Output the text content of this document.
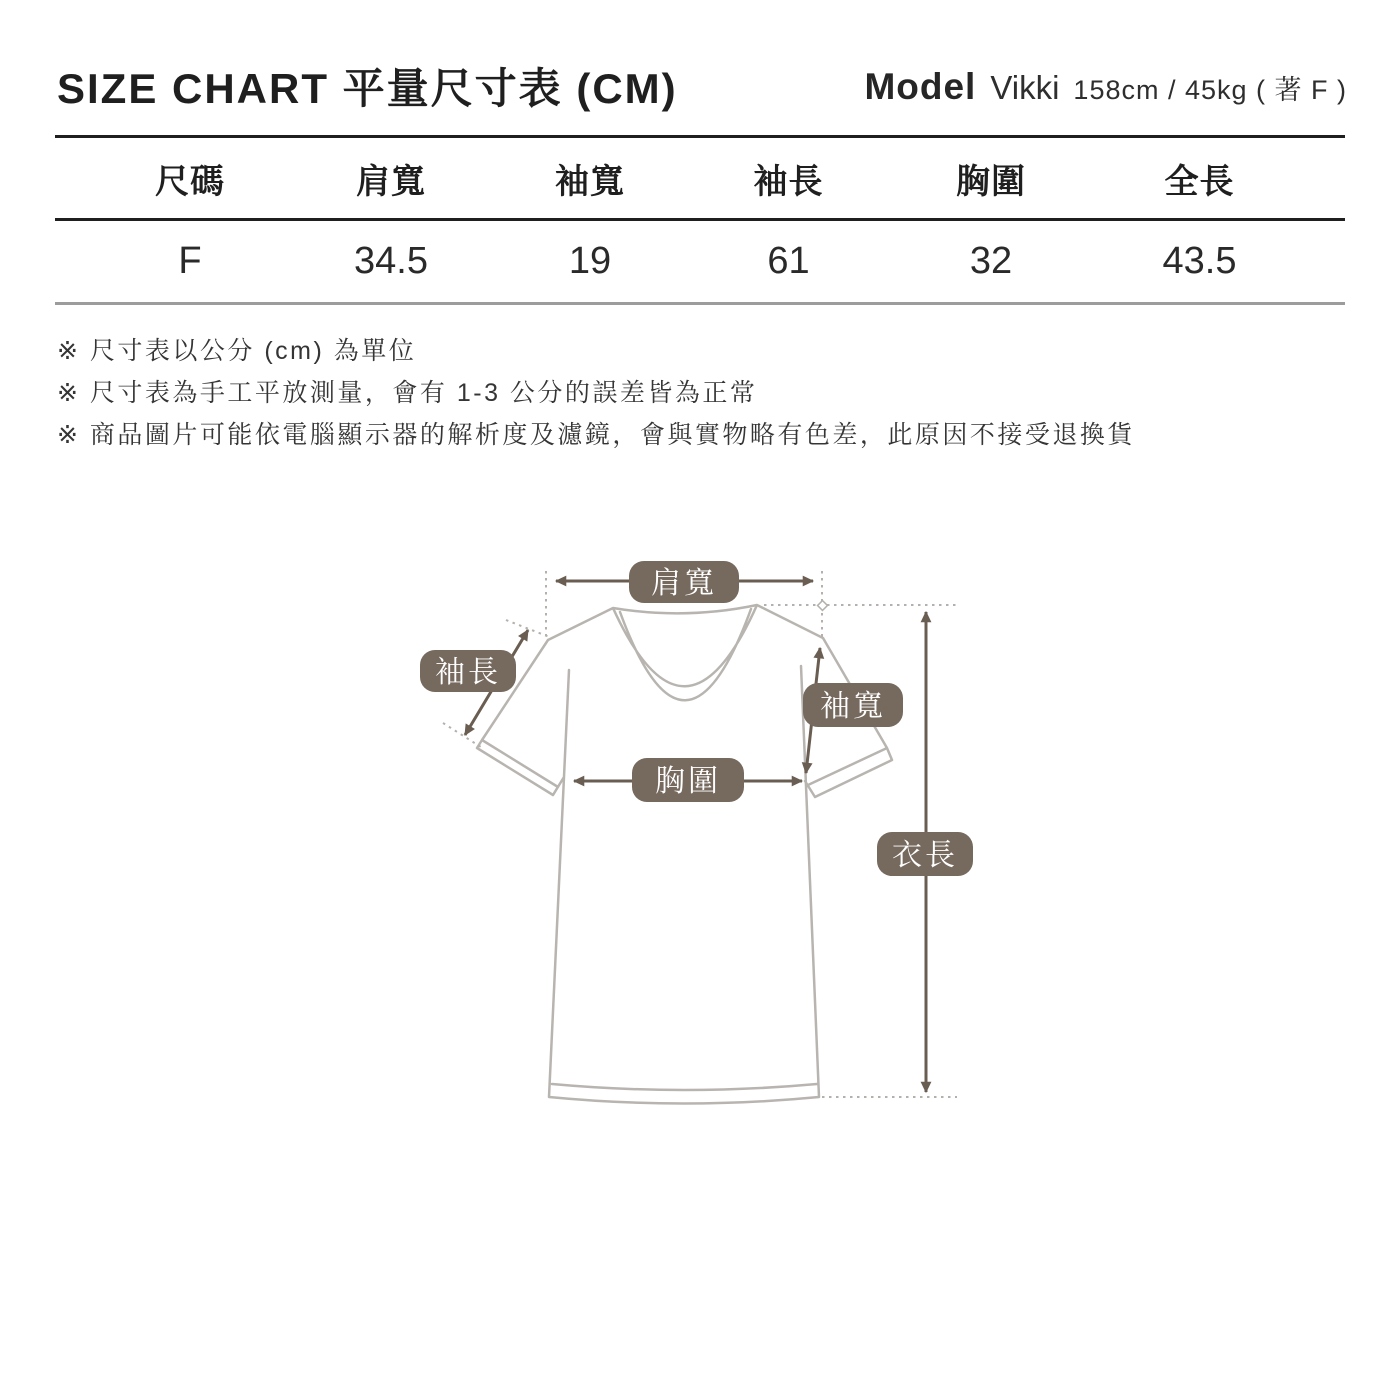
SIZE CHART 平量尺寸表 (CM)	Model Vikki 158cm / 45kg ( 著 F )
尺碼	肩寬	袖寬	袖長	胸圍	全長
F	34.5	19	61	32	43.5
※ 尺寸表以公分 (cm) 為單位
※ 尺寸表為手工平放測量，會有 1-3 公分的誤差皆為正常
※ 商品圖片可能依電腦顯示器的解析度及濾鏡，會與實物略有色差，此原因不接受退換貨
肩寬
袖長
袖寬
胸圍
衣長
